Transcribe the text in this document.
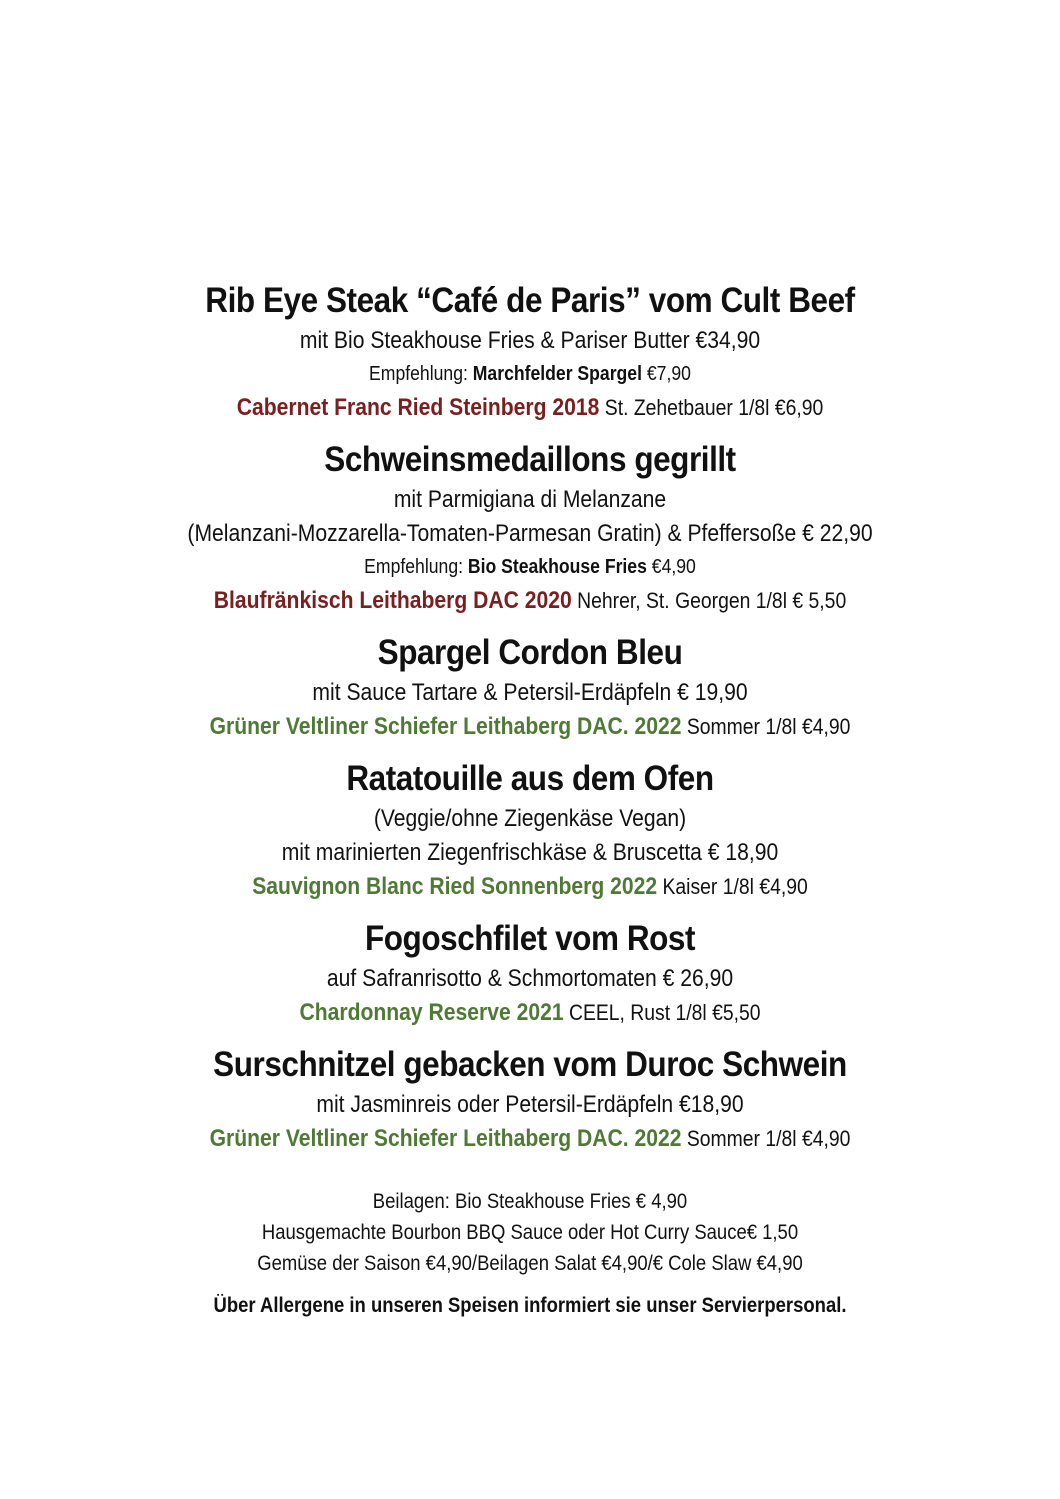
Rib Eye Steak “Café de Paris” vom Cult Beef
mit Bio Steakhouse Fries & Pariser Butter €34,90
Empfehlung: Marchfelder Spargel €7,90
Cabernet Franc Ried Steinberg 2018 St. Zehetbauer 1/8l €6,90
Schweinsmedaillons gegrillt
mit Parmigiana di Melanzane
(Melanzani-Mozzarella-Tomaten-Parmesan Gratin) & Pfeffersoße € 22,90
Empfehlung: Bio Steakhouse Fries €4,90
Blaufränkisch Leithaberg DAC 2020 Nehrer, St. Georgen 1/8l € 5,50
Spargel Cordon Bleu
mit Sauce Tartare & Petersil-Erdäpfeln € 19,90
Grüner Veltliner Schiefer Leithaberg DAC. 2022 Sommer 1/8l €4,90
Ratatouille aus dem Ofen
(Veggie/ohne Ziegenkäse Vegan)
mit marinierten Ziegenfrischkäse & Bruscetta € 18,90
Sauvignon Blanc Ried Sonnenberg 2022 Kaiser 1/8l €4,90
Fogoschfilet vom Rost
auf Safranrisotto & Schmortomaten € 26,90
Chardonnay Reserve 2021 CEEL, Rust 1/8l €5,50
Surschnitzel gebacken vom Duroc Schwein
mit Jasminreis oder Petersil-Erdäpfeln €18,90
Grüner Veltliner Schiefer Leithaberg DAC. 2022 Sommer 1/8l €4,90
Beilagen: Bio Steakhouse Fries € 4,90
Hausgemachte Bourbon BBQ Sauce oder Hot Curry Sauce€ 1,50
Gemüse der Saison €4,90/Beilagen Salat €4,90/€ Cole Slaw €4,90
Über Allergene in unseren Speisen informiert sie unser Servierpersonal.
